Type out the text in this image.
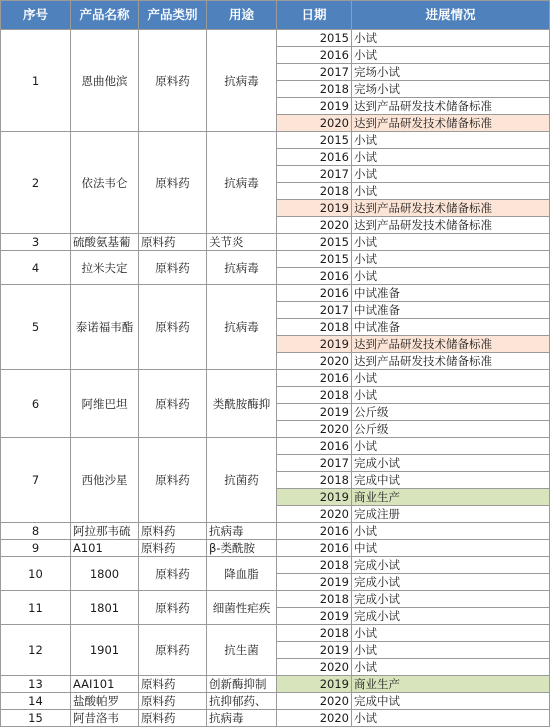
序号	产品名称	产品类别	用途	日期	进展情况
1	恩曲他滨	原料药	抗病毒	2015	小试
				2016	小试
				2017	完场小试
				2018	完场小试
				2019	达到产品研发技术储备标准
				2020	达到产品研发技术储备标准
2	依法韦仑	原料药	抗病毒	2015	小试
				2016	小试
				2017	小试
				2018	小试
				2019	达到产品研发技术储备标准
				2020	达到产品研发技术储备标准
3	硫酸氨基葡	原料药	关节炎	2015	小试
4	拉米夫定	原料药	抗病毒	2015	小试
				2016	小试
5	泰诺福韦酯	原料药	抗病毒	2016	中试准备
				2017	中试准备
				2018	中试准备
				2019	达到产品研发技术储备标准
				2020	达到产品研发技术储备标准
6	阿维巴坦	原料药	类酰胺酶抑	2016	小试
				2018	小试
				2019	公斤级
				2020	公斤级
7	西他沙星	原料药	抗菌药	2016	小试
				2017	完成小试
				2018	完成中试
				2019	商业生产
				2020	完成注册
8	阿拉那韦硫	原料药	抗病毒	2016	小试
9	A101	原料药	β-类酰胺	2016	中试
10	1800	原料药	降血脂	2018	完成小试
				2019	完成小试
11	1801	原料药	细菌性疟疾	2018	完成小试
				2019	完成小试
12	1901	原料药	抗生菌	2018	小试
				2019	小试
				2020	小试
13	AAI101	原料药	创新酶抑制	2019	商业生产
14	盐酸帕罗	原料药	抗抑郁药、	2020	完成中试
15	阿昔洛韦	原料药	抗病毒	2020	小试
